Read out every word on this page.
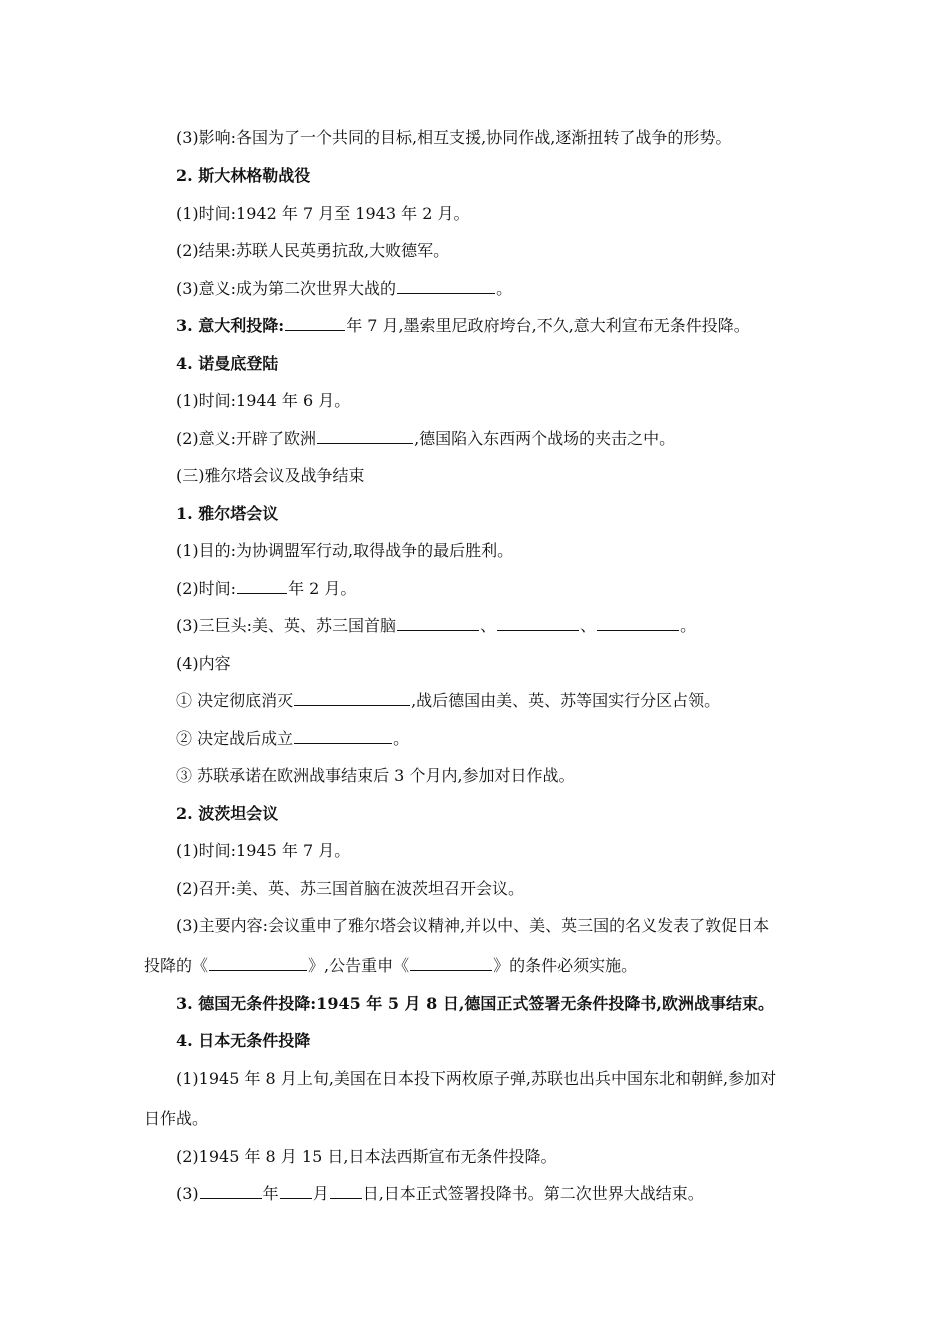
(3)影响:各国为了一个共同的目标,相互支援,协同作战,逐渐扭转了战争的形势。
2. 斯大林格勒战役
(1)时间:1942 年 7 月至 1943 年 2 月。
(2)结果:苏联人民英勇抗敌,大败德军。
(3)意义:成为第二次世界大战的	。
3. 意大利投降:	年 7 月,墨索里尼政府垮台,不久,意大利宣布无条件投降。
4. 诺曼底登陆
(1)时间:1944 年 6 月。
(2)意义:开辟了欧洲	,德国陷入东西两个战场的夹击之中。
(三)雅尔塔会议及战争结束
1. 雅尔塔会议
(1)目的:为协调盟军行动,取得战争的最后胜利。
(2)时间:	年 2 月。
(3)三巨头:美、英、苏三国首脑	、	、	。
(4)内容
① 决定彻底消灭	,战后德国由美、英、苏等国实行分区占领。
② 决定战后成立	。
③ 苏联承诺在欧洲战事结束后 3 个月内,参加对日作战。
2. 波茨坦会议
(1)时间:1945 年 7 月。
(2)召开:美、英、苏三国首脑在波茨坦召开会议。
(3)主要内容:会议重申了雅尔塔会议精神,并以中、美、英三国的名义发表了敦促日本
投降的《	》,公告重申《	》的条件必须实施。
3. 德国无条件投降:1945 年 5 月 8 日,德国正式签署无条件投降书,欧洲战事结束。
4. 日本无条件投降
(1)1945 年 8 月上旬,美国在日本投下两枚原子弹,苏联也出兵中国东北和朝鲜,参加对
日作战。
(2)1945 年 8 月 15 日,日本法西斯宣布无条件投降。
(3)	年 月 日,日本正式签署投降书。第二次世界大战结束。
